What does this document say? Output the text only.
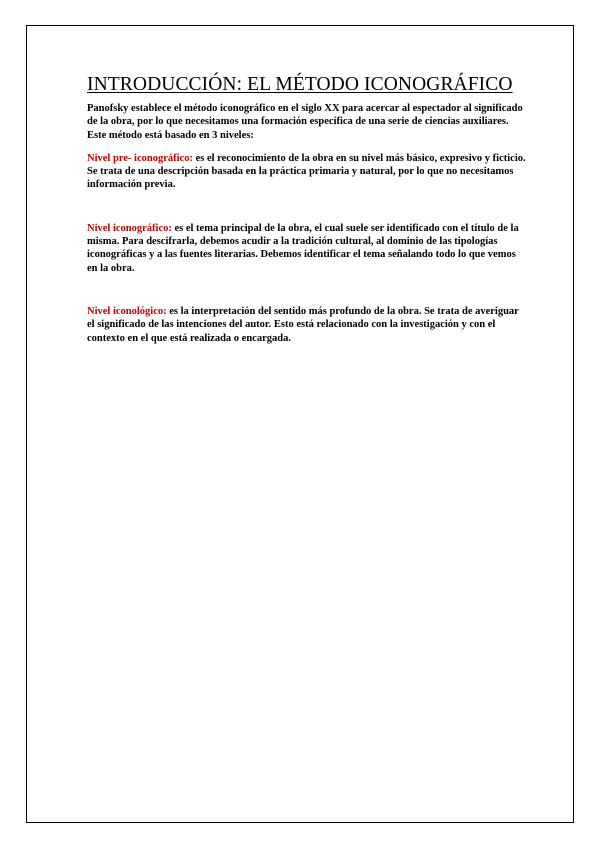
INTRODUCCIÓN: EL MÉTODO ICONOGRÁFICO

Panofsky establece el método iconográfico en el siglo XX para acercar al espectador al significado de la obra, por lo que necesitamos una formación específica de una serie de ciencias auxiliares. Este método está basado en 3 niveles:

Nivel pre- iconográfico: es el reconocimiento de la obra en su nivel más básico, expresivo y ficticio. Se trata de una descripción basada en la práctica primaria y natural, por lo que no necesitamos información previa.

Nivel iconográfico: es el tema principal de la obra, el cual suele ser identificado con el título de la misma. Para descifrarla, debemos acudir a la tradición cultural, al dominio de las tipologías iconográficas y a las fuentes literarias. Debemos identificar el tema señalando todo lo que vemos en la obra.

Nivel iconológico: es la interpretación del sentido más profundo de la obra. Se trata de averiguar el significado de las intenciones del autor. Esto está relacionado con la investigación y con el contexto en el que está realizada o encargada.
